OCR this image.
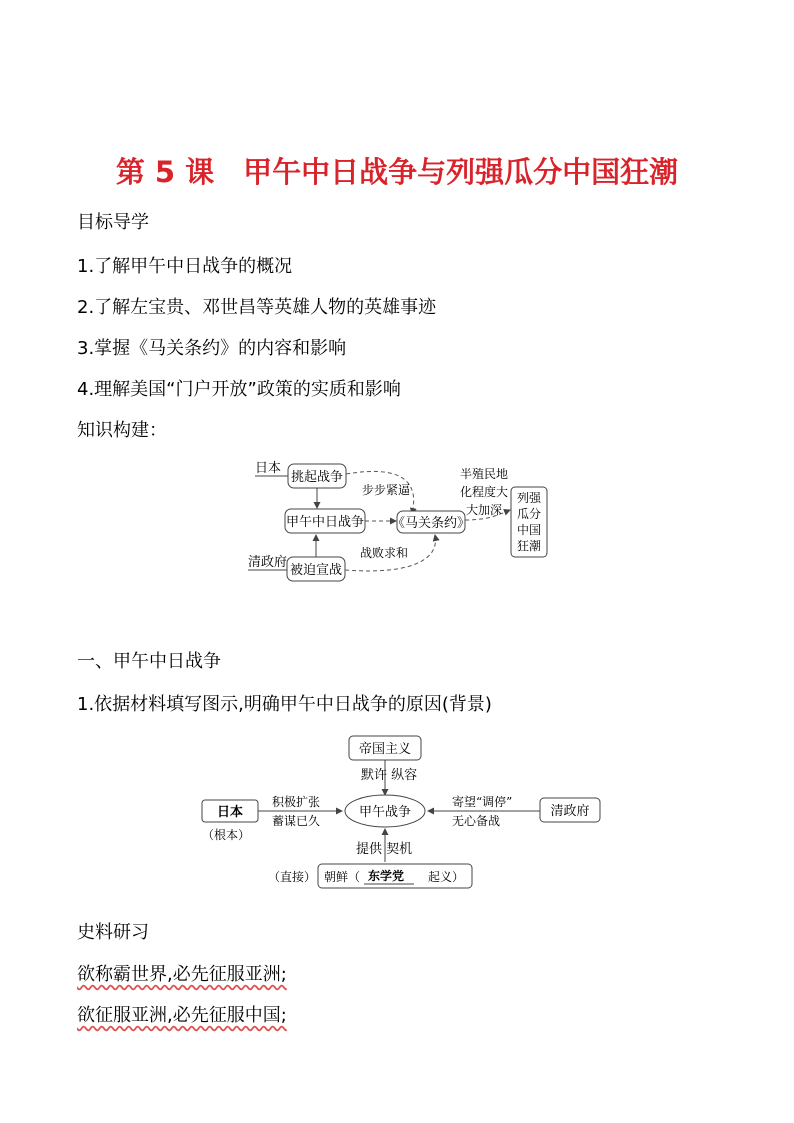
第 5 课　甲午中日战争与列强瓜分中国狂潮
目标导学
1.了解甲午中日战争的概况
2.了解左宝贵、邓世昌等英雄人物的英雄事迹
3.掌握《马关条约》的内容和影响
4.理解美国“门户开放”政策的实质和影响
知识构建：
日本
挑起战争
步步紧逼
甲午中日战争 《马关条约》
半殖民地
化程度大
大加深
列强
瓜分
中国
狂潮
清政府
被迫宣战
战败求和
一、甲午中日战争
1.依据材料填写图示,明确甲午中日战争的原因(背景)
帝国主义
默许 纵容
日本
（根本）
积极扩张
蓄谋已久
甲午战争
寄望“调停”
无心备战
清政府
提供 契机
（直接） 朝鲜（ 东学党 起义）
史料研习
欲称霸世界,必先征服亚洲;
欲征服亚洲,必先征服中国;
